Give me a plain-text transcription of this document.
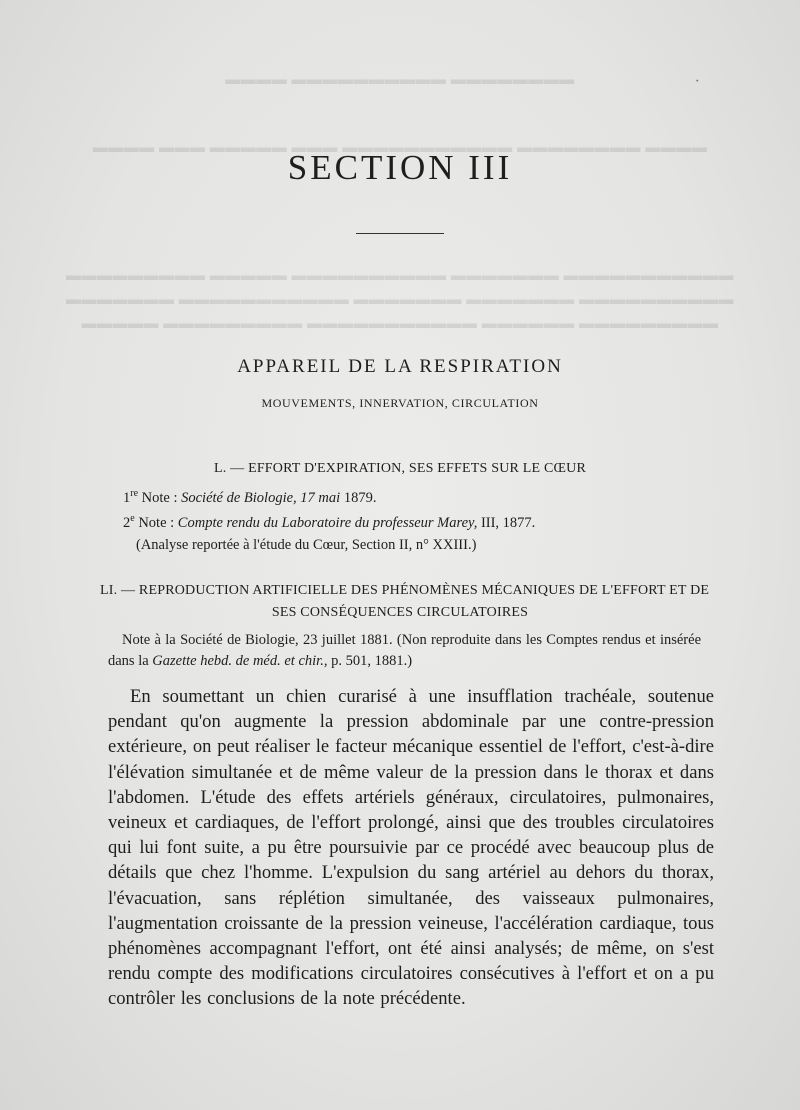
▬▬▬▬ ▬▬▬▬▬▬▬▬▬▬ ▬▬▬▬▬▬▬▬
▬▬▬▬ ▬▬▬ ▬▬▬▬▬ ▬▬▬ ▬▬▬▬▬▬▬▬▬▬▬ ▬▬▬▬▬▬▬▬ ▬▬▬▬
▬▬▬▬▬▬▬▬▬ ▬▬▬▬▬ ▬▬▬▬▬▬▬▬▬▬ ▬▬▬▬▬▬▬ ▬▬▬▬▬▬▬▬▬▬▬
▬▬▬▬▬▬▬ ▬▬▬▬▬▬▬▬▬▬▬ ▬▬▬▬▬▬▬ ▬▬▬▬▬▬▬ ▬▬▬▬▬▬▬▬▬▬
▬▬▬▬▬ ▬▬▬▬▬▬▬▬▬ ▬▬▬▬▬▬▬▬▬▬▬ ▬▬▬▬▬▬ ▬▬▬▬▬▬▬▬▬
·
SECTION III
APPAREIL DE LA RESPIRATION
MOUVEMENTS, INNERVATION, CIRCULATION
L. — EFFORT D'EXPIRATION, SES EFFETS SUR LE CŒUR
1re Note : Société de Biologie, 17 mai 1879.
2e Note : Compte rendu du Laboratoire du professeur Marey, III, 1877.
(Analyse reportée à l'étude du Cœur, Section II, n° XXIII.)
LI. — REPRODUCTION ARTIFICIELLE DES PHÉNOMÈNES MÉCANIQUES DE L'EFFORT ET DE
SES CONSÉQUENCES CIRCULATOIRES
Note à la Société de Biologie, 23 juillet 1881. (Non reproduite dans les Comptes rendus et insérée dans la Gazette hebd. de méd. et chir., p. 501, 1881.)
En soumettant un chien curarisé à une insufflation trachéale, soutenue pendant qu'on augmente la pression abdominale par une contre-pression extérieure, on peut réaliser le facteur mécanique essentiel de l'effort, c'est-à-dire l'élévation simultanée et de même valeur de la pression dans le thorax et dans l'abdomen. L'étude des effets artériels généraux, circulatoires, pulmonaires, veineux et cardiaques, de l'effort prolongé, ainsi que des troubles circulatoires qui lui font suite, a pu être poursuivie par ce procédé avec beaucoup plus de détails que chez l'homme. L'expulsion du sang artériel au dehors du thorax, l'évacuation, sans réplétion simultanée, des vaisseaux pulmonaires, l'augmentation croissante de la pression veineuse, l'accélération cardiaque, tous phénomènes accompagnant l'effort, ont été ainsi analysés; de même, on s'est rendu compte des modifications circulatoires consécutives à l'effort et on a pu contrôler les conclusions de la note précédente.
